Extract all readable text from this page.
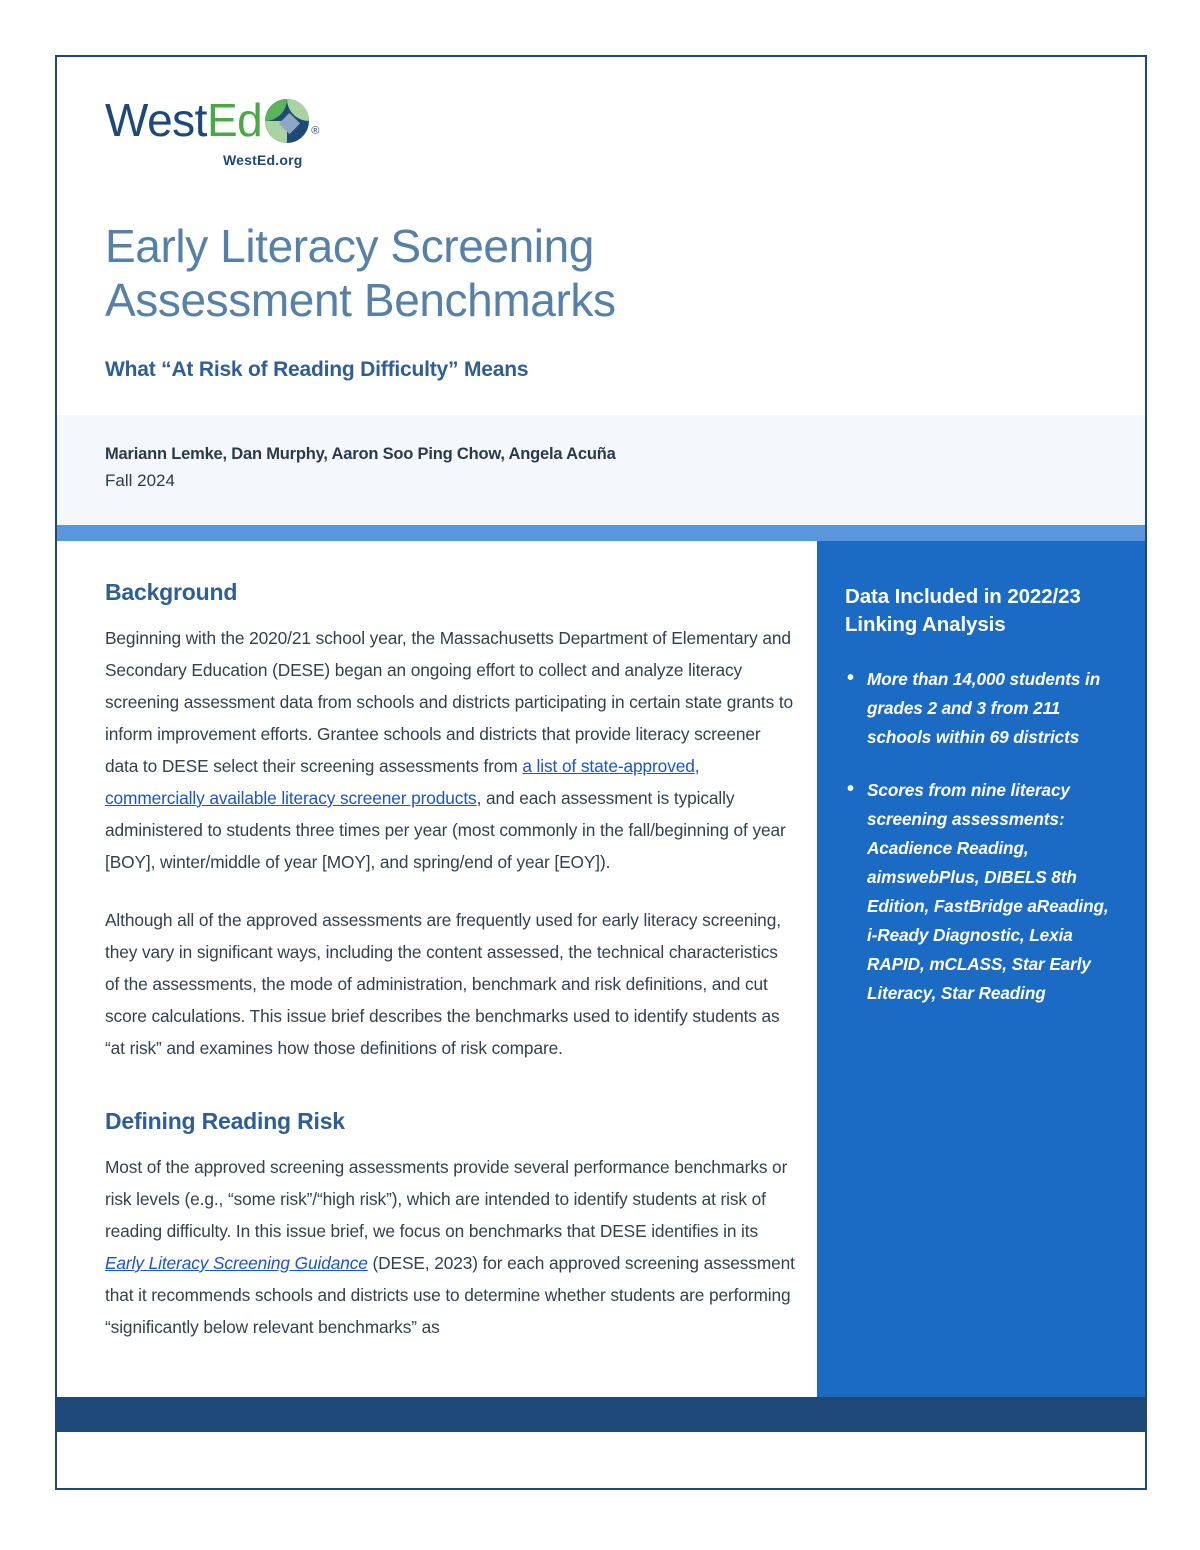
WestEd	®
WestEd.org
Early Literacy Screening Assessment Benchmarks
What “At Risk of Reading Difficulty” Means
Mariann Lemke, Dan Murphy, Aaron Soo Ping Chow, Angela Acuña
Fall 2024
Background

Beginning with the 2020/21 school year, the Massachusetts Department of Elementary and Secondary Education (DESE) began an ongoing effort to collect and analyze literacy screening assessment data from schools and districts participating in certain state grants to inform improvement efforts. Grantee schools and districts that provide literacy screener data to DESE select their screening assessments from a list of state-approved, commercially available literacy screener products, and each assessment is typically administered to students three times per year (most commonly in the fall/beginning of year [BOY], winter/middle of year [MOY], and spring/end of year [EOY]).

Although all of the approved assessments are frequently used for early literacy screening, they vary in significant ways, including the content assessed, the technical characteristics of the assessments, the mode of administration, benchmark and risk definitions, and cut score calculations. This issue brief describes the benchmarks used to identify students as “at risk” and examines how those definitions of risk compare.

Defining Reading Risk

Most of the approved screening assessments provide several performance benchmarks or risk levels (e.g., “some risk”/“high risk”), which are intended to identify students at risk of reading difficulty. In this issue brief, we focus on benchmarks that DESE identifies in its Early Literacy Screening Guidance (DESE, 2023) for each approved screening assessment that it recommends schools and districts use to determine whether students are performing “significantly below relevant benchmarks” as

Data Included in 2022/23 Linking Analysis
• More than 14,000 students in grades 2 and 3 from 211 schools within 69 districts
• Scores from nine literacy screening assessments: Acadience Reading, aimswebPlus, DIBELS 8th Edition, FastBridge aReading, i-Ready Diagnostic, Lexia RAPID, mCLASS, Star Early Literacy, Star Reading
